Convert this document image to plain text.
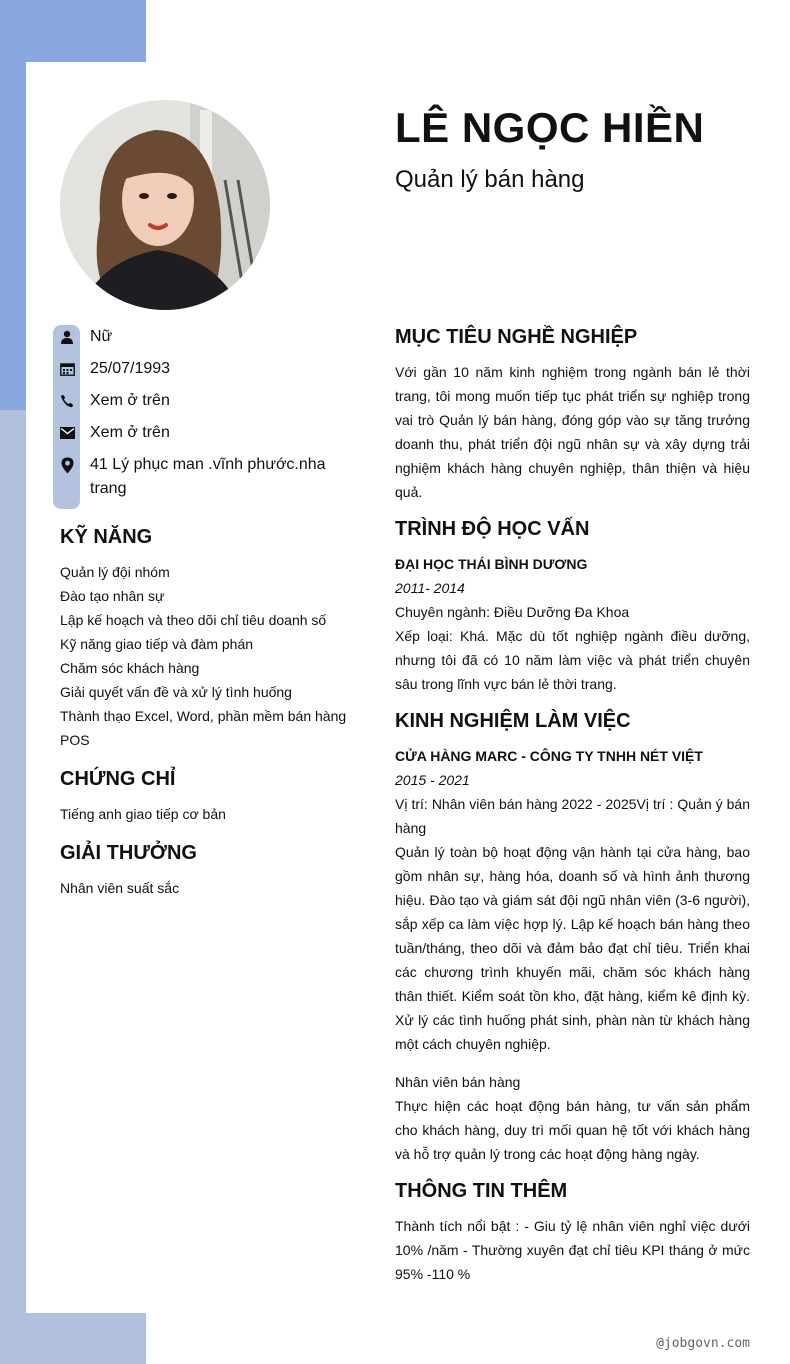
LÊ NGỌC HIỀN
Quản lý bán hàng
Nữ
25/07/1993
Xem ở trên
Xem ở trên
41 Lý phục man .vĩnh phước.nha trang
KỸ NĂNG
Quản lý đội nhóm
Đào tạo nhân sự
Lập kế hoạch và theo dõi chỉ tiêu doanh số
Kỹ năng giao tiếp và đàm phán
Chăm sóc khách hàng
Giải quyết vấn đề và xử lý tình huống
Thành thạo Excel, Word, phần mềm bán hàng POS
CHỨNG CHỈ
Tiếng anh giao tiếp cơ bản
GIẢI THƯỞNG
Nhân viên suất sắc
MỤC TIÊU NGHỀ NGHIỆP

Với gần 10 năm kinh nghiệm trong ngành bán lẻ thời trang, tôi mong muốn tiếp tục phát triển sự nghiệp trong vai trò Quản lý bán hàng, đóng góp vào sự tăng trưởng doanh thu, phát triển đội ngũ nhân sự và xây dựng trải nghiệm khách hàng chuyên nghiệp, thân thiện và hiệu quả.

TRÌNH ĐỘ HỌC VẤN

ĐẠI HỌC THÁI BÌNH DƯƠNG

2011- 2014

Chuyên ngành: Điều Dưỡng Đa Khoa

Xếp loại: Khá. Mặc dù tốt nghiệp ngành điều dưỡng, nhưng tôi đã có 10 năm làm việc và phát triển chuyên sâu trong lĩnh vực bán lẻ thời trang.

KINH NGHIỆM LÀM VIỆC

CỬA HÀNG MARC - CÔNG TY TNHH NÉT VIỆT

2015 - 2021

Vị trí: Nhân viên bán hàng 2022 - 2025Vị trí : Quản ý bán hàng

Quản lý toàn bộ hoạt động vận hành tại cửa hàng, bao gồm nhân sự, hàng hóa, doanh số và hình ảnh thương hiệu. Đào tạo và giám sát đội ngũ nhân viên (3-6 người), sắp xếp ca làm việc hợp lý. Lập kế hoạch bán hàng theo tuần/tháng, theo dõi và đảm bảo đạt chỉ tiêu. Triển khai các chương trình khuyến mãi, chăm sóc khách hàng thân thiết. Kiểm soát tồn kho, đặt hàng, kiểm kê định kỳ. Xử lý các tình huống phát sinh, phàn nàn từ khách hàng một cách chuyên nghiệp.

Nhân viên bán hàng

Thực hiện các hoạt động bán hàng, tư vấn sản phẩm cho khách hàng, duy trì mối quan hệ tốt với khách hàng và hỗ trợ quản lý trong các hoạt động hàng ngày.

THÔNG TIN THÊM

Thành tích nổi bật : - Giu tỷ lệ nhân viên nghỉ việc dưới 10% /năm - Thường xuyên đạt chỉ tiêu KPI tháng ở mức 95% -110 %

@jobgovn.com
